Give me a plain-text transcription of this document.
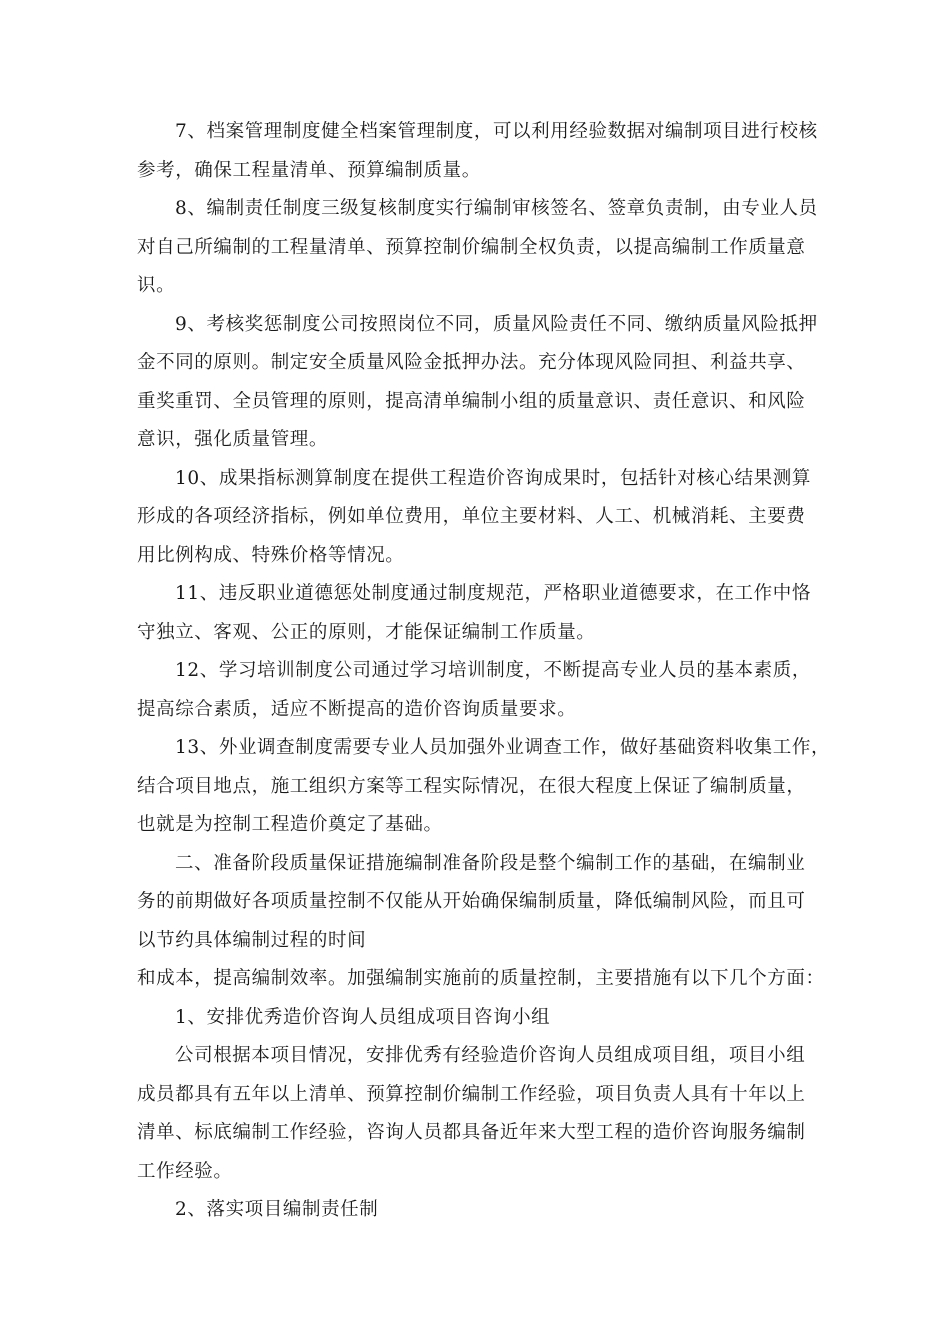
7、档案管理制度健全档案管理制度，可以利用经验数据对编制项目进行校核
参考，确保工程量清单、预算编制质量。
8、编制责任制度三级复核制度实行编制审核签名、签章负责制，由专业人员
对自己所编制的工程量清单、预算控制价编制全权负责，以提高编制工作质量意
识。
9、考核奖惩制度公司按照岗位不同，质量风险责任不同、缴纳质量风险抵押
金不同的原则。制定安全质量风险金抵押办法。充分体现风险同担、利益共享、
重奖重罚、全员管理的原则，提高清单编制小组的质量意识、责任意识、和风险
意识，强化质量管理。
10、成果指标测算制度在提供工程造价咨询成果时，包括针对核心结果测算
形成的各项经济指标，例如单位费用，单位主要材料、人工、机械消耗、主要费
用比例构成、特殊价格等情况。
11、违反职业道德惩处制度通过制度规范，严格职业道德要求，在工作中恪
守独立、客观、公正的原则，才能保证编制工作质量。
12、学习培训制度公司通过学习培训制度，不断提高专业人员的基本素质，
提高综合素质，适应不断提高的造价咨询质量要求。
13、外业调查制度需要专业人员加强外业调查工作，做好基础资料收集工作，
结合项目地点，施工组织方案等工程实际情况，在很大程度上保证了编制质量，
也就是为控制工程造价奠定了基础。
二、准备阶段质量保证措施编制准备阶段是整个编制工作的基础，在编制业
务的前期做好各项质量控制不仅能从开始确保编制质量，降低编制风险，而且可
以节约具体编制过程的时间
和成本，提高编制效率。加强编制实施前的质量控制，主要措施有以下几个方面：
1、安排优秀造价咨询人员组成项目咨询小组
公司根据本项目情况，安排优秀有经验造价咨询人员组成项目组，项目小组
成员都具有五年以上清单、预算控制价编制工作经验，项目负责人具有十年以上
清单、标底编制工作经验，咨询人员都具备近年来大型工程的造价咨询服务编制
工作经验。
2、落实项目编制责任制
